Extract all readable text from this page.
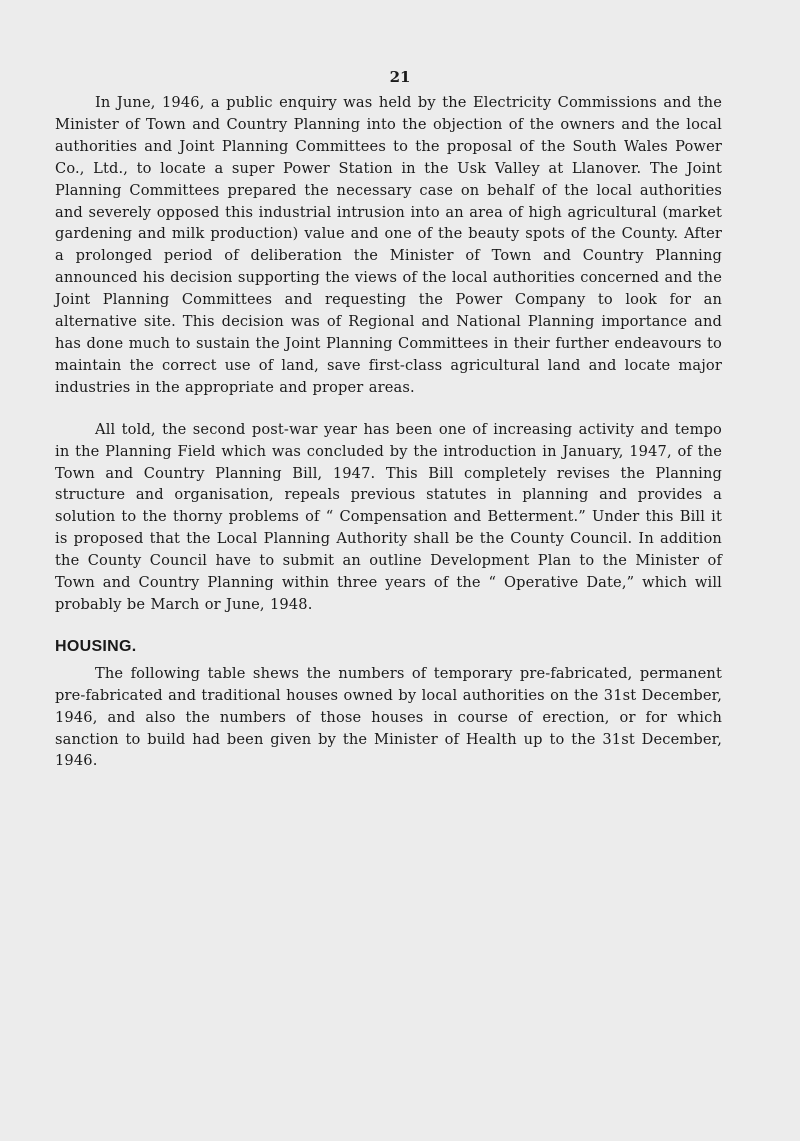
21

In June, 1946, a public enquiry was held by the Electricity Commissions and the Minister of Town and Country Planning into the objection of the owners and the local authorities and Joint Planning Committees to the proposal of the South Wales Power Co., Ltd., to locate a super Power Station in the Usk Valley at Llanover. The Joint Planning Committees prepared the necessary case on behalf of the local authorities and severely opposed this industrial intrusion into an area of high agricultural (market gardening and milk production) value and one of the beauty spots of the County. After a prolonged period of deliberation the Minister of Town and Country Planning announced his decision supporting the views of the local authorities concerned and the Joint Planning Committees and requesting the Power Company to look for an alternative site. This decision was of Regional and National Planning importance and has done much to sustain the Joint Planning Committees in their further endeavours to maintain the correct use of land, save first-class agricultural land and locate major industries in the appropriate and proper areas.

All told, the second post-war year has been one of increasing activity and tempo in the Planning Field which was concluded by the introduction in January, 1947, of the Town and Country Planning Bill, 1947. This Bill completely revises the Planning structure and organisation, repeals previous statutes in planning and provides a solution to the thorny problems of “ Compensation and Betterment.” Under this Bill it is proposed that the Local Planning Authority shall be the County Council. In addition the County Council have to submit an outline Development Plan to the Minister of Town and Country Planning within three years of the “ Operative Date,” which will probably be March or June, 1948.

HOUSING.

The following table shews the numbers of temporary pre-fabricated, permanent pre-fabricated and traditional houses owned by local authorities on the 31st December, 1946, and also the numbers of those houses in course of erection, or for which sanction to build had been given by the Minister of Health up to the 31st December, 1946.
